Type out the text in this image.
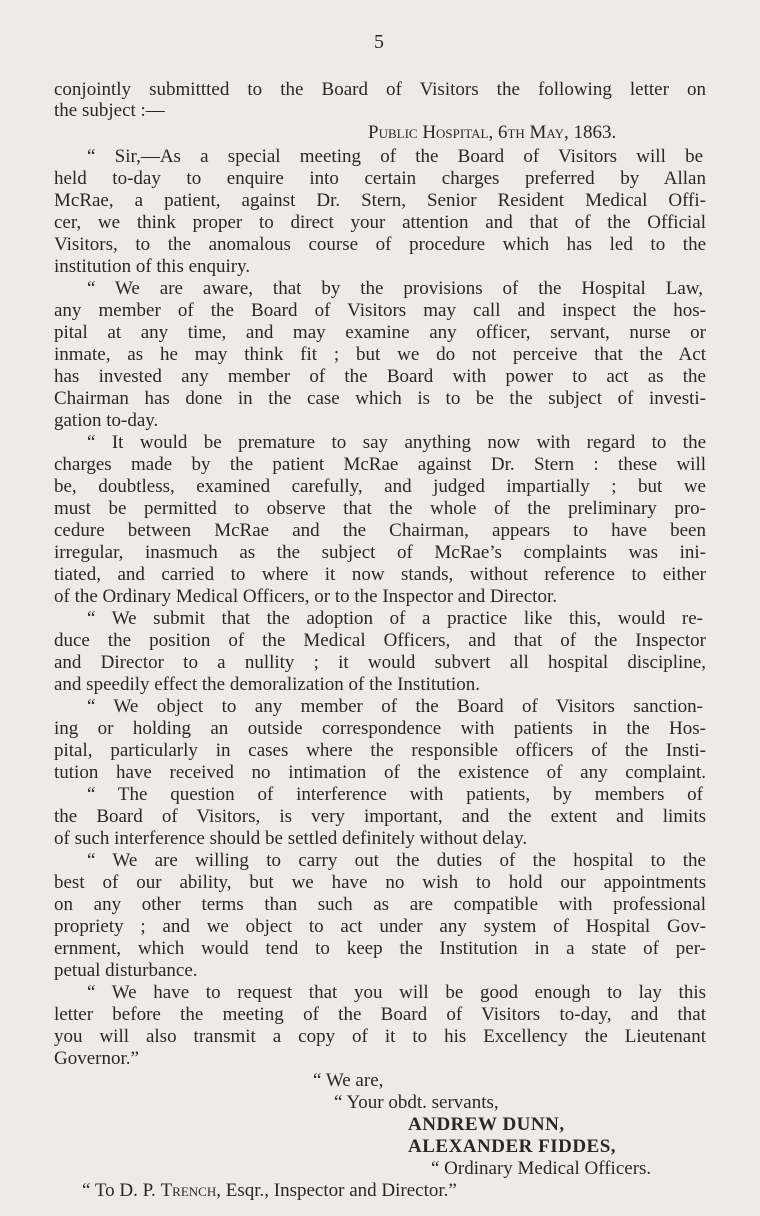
5
conjointly submittted to the Board of Visitors the following letter on
the subject :—
Public Hospital, 6th May, 1863.
“ Sir,—As a special meeting of the Board of Visitors will be
held to-day to enquire into certain charges preferred by Allan
McRae, a patient, against Dr. Stern, Senior Resident Medical Offi-
cer, we think proper to direct your attention and that of the Official
Visitors, to the anomalous course of procedure which has led to the
institution of this enquiry.
“ We are aware, that by the provisions of the Hospital Law,
any member of the Board of Visitors may call and inspect the hos-
pital at any time, and may examine any officer, servant, nurse or
inmate, as he may think fit ; but we do not perceive that the Act
has invested any member of the Board with power to act as the
Chairman has done in the case which is to be the subject of investi-
gation to-day.
“ It would be premature to say anything now with regard to the
charges made by the patient McRae against Dr. Stern : these will
be, doubtless, examined carefully, and judged impartially ; but we
must be permitted to observe that the whole of the preliminary pro-
cedure between McRae and the Chairman, appears to have been
irregular, inasmuch as the subject of McRae’s complaints was ini-
tiated, and carried to where it now stands, without reference to either
of the Ordinary Medical Officers, or to the Inspector and Director.
“ We submit that the adoption of a practice like this, would re-
duce the position of the Medical Officers, and that of the Inspector
and Director to a nullity ; it would subvert all hospital discipline,
and speedily effect the demoralization of the Institution.
“ We object to any member of the Board of Visitors sanction-
ing or holding an outside correspondence with patients in the Hos-
pital, particularly in cases where the responsible officers of the Insti-
tution have received no intimation of the existence of any complaint.
“ The question of interference with patients, by members of
the Board of Visitors, is very important, and the extent and limits
of such interference should be settled definitely without delay.
“ We are willing to carry out the duties of the hospital to the
best of our ability, but we have no wish to hold our appointments
on any other terms than such as are compatible with professional
propriety ; and we object to act under any system of Hospital Gov-
ernment, which would tend to keep the Institution in a state of per-
petual disturbance.
“ We have to request that you will be good enough to lay this
letter before the meeting of the Board of Visitors to-day, and that
you will also transmit a copy of it to his Excellency the Lieutenant
Governor.”
“ We are,
“ Your obdt. servants,
ANDREW DUNN,
ALEXANDER FIDDES,
“ Ordinary Medical Officers.
“ To D. P. Trench, Esqr., Inspector and Director.”
